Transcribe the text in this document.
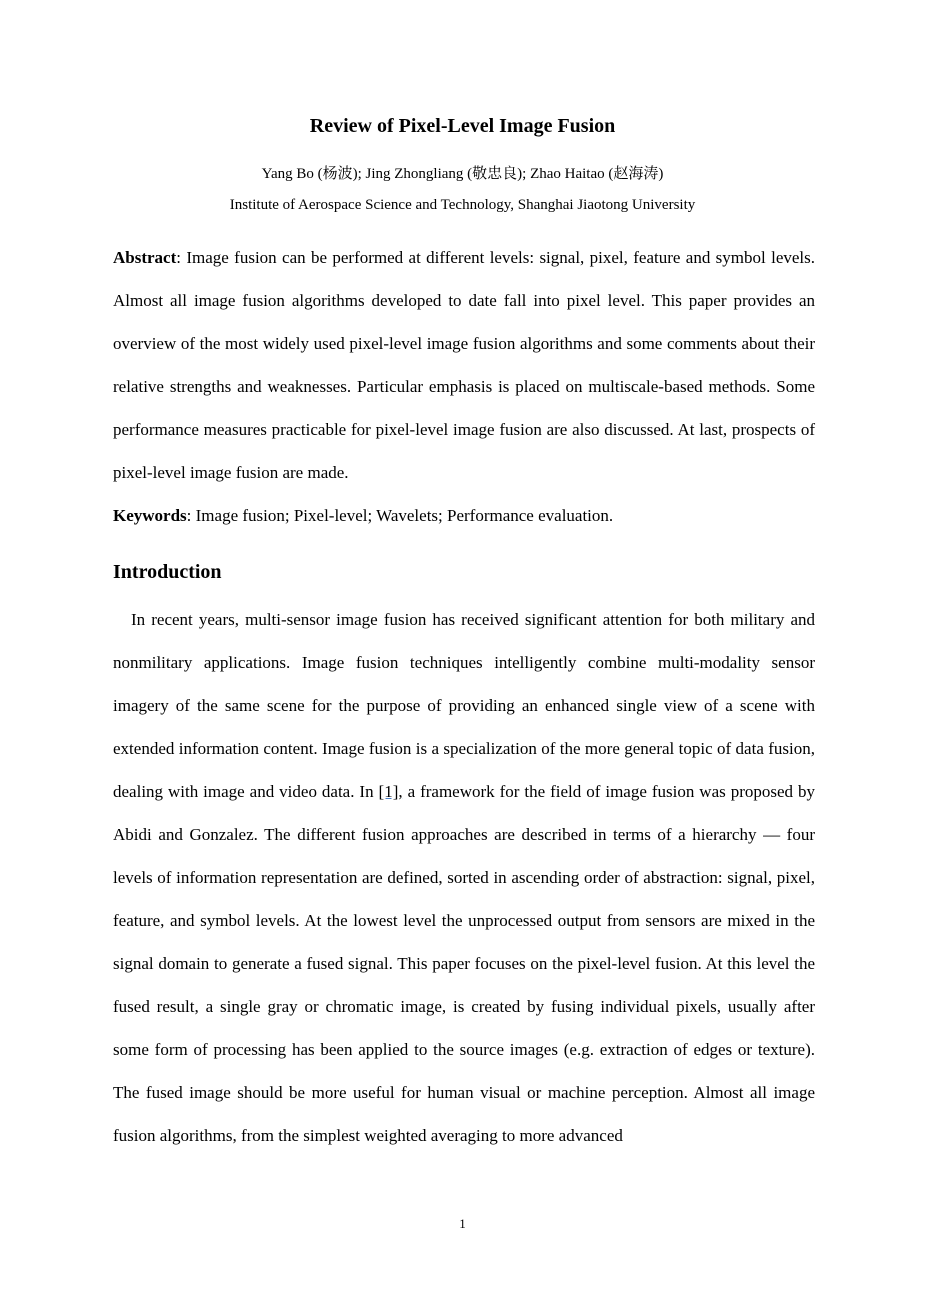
Review of Pixel-Level Image Fusion
Yang Bo (杨波); Jing Zhongliang (敬忠良); Zhao Haitao (赵海涛)
Institute of Aerospace Science and Technology, Shanghai Jiaotong University
Abstract: Image fusion can be performed at different levels: signal, pixel, feature and symbol levels. Almost all image fusion algorithms developed to date fall into pixel level. This paper provides an overview of the most widely used pixel-level image fusion algorithms and some comments about their relative strengths and weaknesses. Particular emphasis is placed on multiscale-based methods. Some performance measures practicable for pixel-level image fusion are also discussed. At last, prospects of pixel-level image fusion are made.
Keywords: Image fusion; Pixel-level; Wavelets; Performance evaluation.
Introduction
In recent years, multi-sensor image fusion has received significant attention for both military and nonmilitary applications. Image fusion techniques intelligently combine multi-modality sensor imagery of the same scene for the purpose of providing an enhanced single view of a scene with extended information content. Image fusion is a specialization of the more general topic of data fusion, dealing with image and video data. In [1], a framework for the field of image fusion was proposed by Abidi and Gonzalez. The different fusion approaches are described in terms of a hierarchy — four levels of information representation are defined, sorted in ascending order of abstraction: signal, pixel, feature, and symbol levels. At the lowest level the unprocessed output from sensors are mixed in the signal domain to generate a fused signal. This paper focuses on the pixel-level fusion. At this level the fused result, a single gray or chromatic image, is created by fusing individual pixels, usually after some form of processing has been applied to the source images (e.g. extraction of edges or texture). The fused image should be more useful for human visual or machine perception. Almost all image fusion algorithms, from the simplest weighted averaging to more advanced
1
